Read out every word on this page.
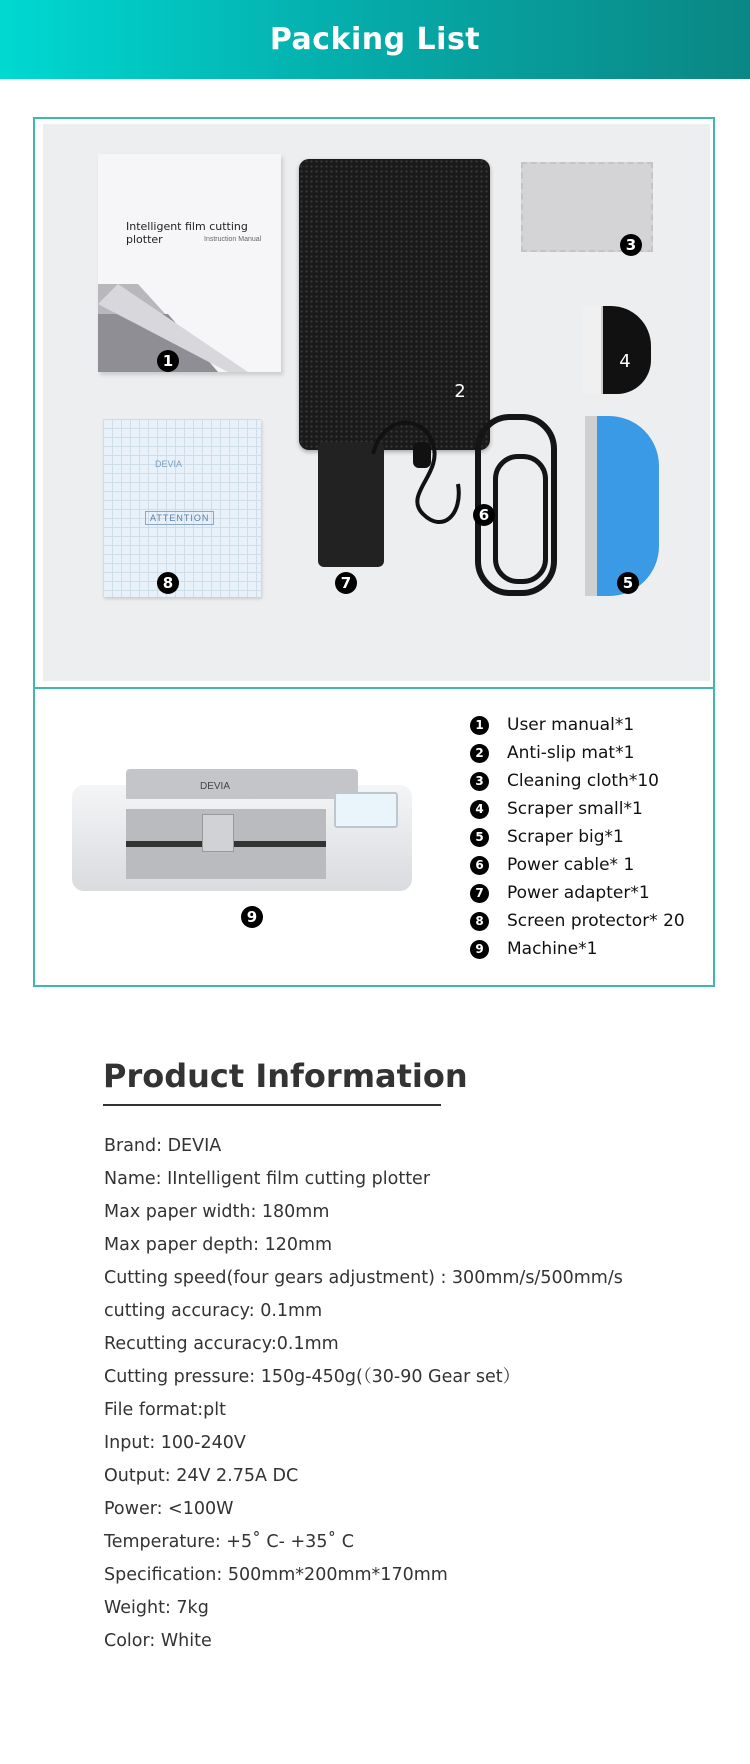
Packing List
Intelligent film cutting plotter	Instruction Manual
1
2
3
4
5
6
7
DEVIA
ATTENTION
8
DEVIA
9
1	User manual*1
2	Anti-slip mat*1
3	Cleaning cloth*10
4	Scraper small*1
5	Scraper big*1
6	Power cable* 1
7	Power adapter*1
8	Screen protector* 20
9	Machine*1
Product Information
Brand: DEVIA
Name: IIntelligent film cutting plotter
Max paper width: 180mm
Max paper depth: 120mm
Cutting speed(four gears adjustment) : 300mm/s/500mm/s
cutting accuracy: 0.1mm
Recutting accuracy:0.1mm
Cutting pressure: 150g-450g(（30-90 Gear set）
File format:plt
Input: 100-240V
Output: 24V 2.75A DC
Power: <100W
Temperature: +5˚ C- +35˚ C
Specification: 500mm*200mm*170mm
Weight: 7kg
Color: White
